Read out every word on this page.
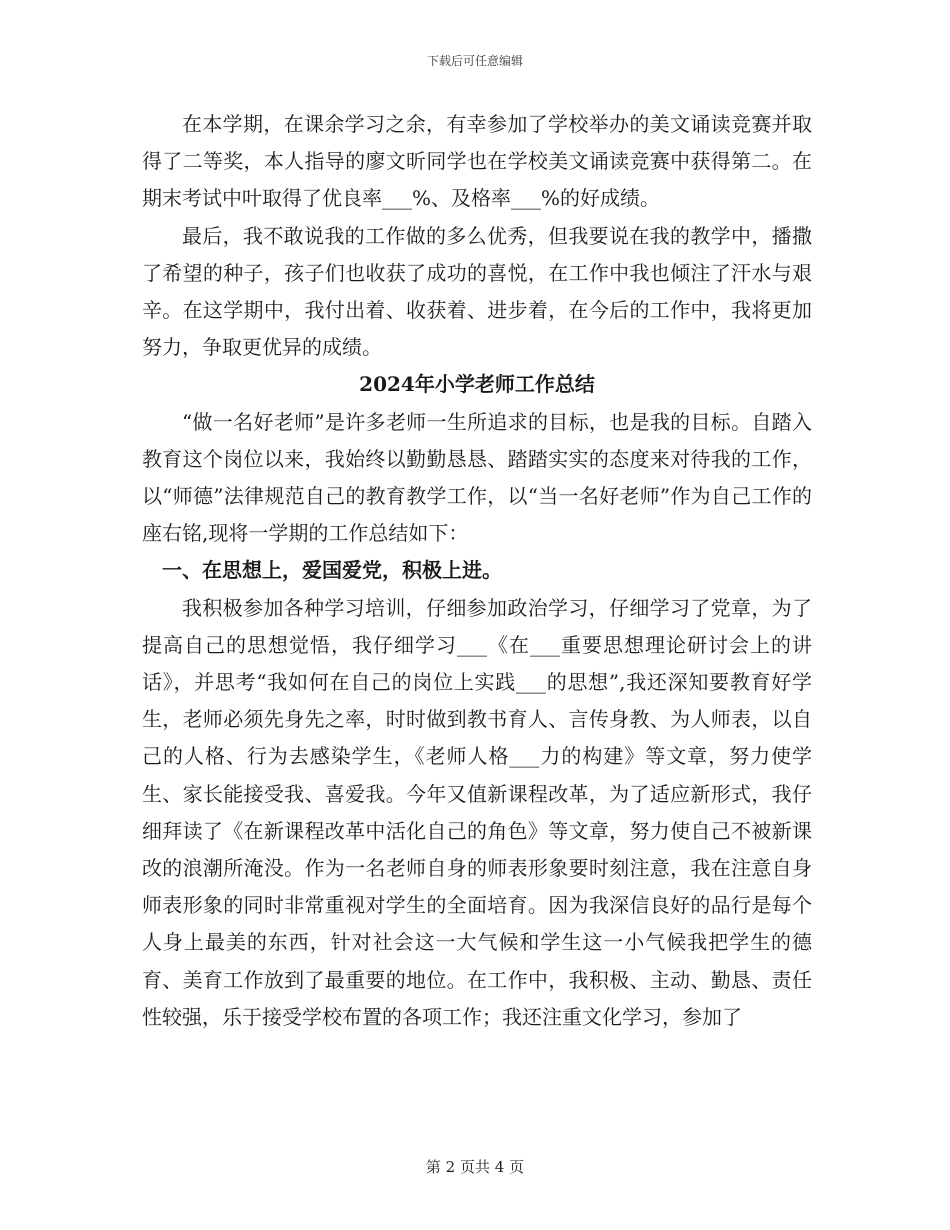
下载后可任意编辑

在本学期，在课余学习之余，有幸参加了学校举办的美文诵读竞赛并取得了二等奖，本人指导的廖文昕同学也在学校美文诵读竞赛中获得第二。在期末考试中叶取得了优良率___%、及格率___%的好成绩。

最后，我不敢说我的工作做的多么优秀，但我要说在我的教学中，播撒了希望的种子，孩子们也收获了成功的喜悦，在工作中我也倾注了汗水与艰辛。在这学期中，我付出着、收获着、进步着，在今后的工作中，我将更加努力，争取更优异的成绩。

2024年小学老师工作总结

“做一名好老师”是许多老师一生所追求的目标，也是我的目标。自踏入教育这个岗位以来，我始终以勤勤恳恳、踏踏实实的态度来对待我的工作，以“师德”法律规范自己的教育教学工作，以“当一名好老师”作为自己工作的座右铭,现将一学期的工作总结如下：

一、在思想上，爱国爱党，积极上进。

我积极参加各种学习培训，仔细参加政治学习，仔细学习了党章，为了提高自己的思想觉悟，我仔细学习___《在___重要思想理论研讨会上的讲话》，并思考“我如何在自己的岗位上实践___的思想”,我还深知要教育好学生，老师必须先身先之率，时时做到教书育人、言传身教、为人师表，以自己的人格、行为去感染学生，《老师人格___力的构建》等文章，努力使学生、家长能接受我、喜爱我。今年又值新课程改革，为了适应新形式，我仔细拜读了《在新课程改革中活化自己的角色》等文章，努力使自己不被新课改的浪潮所淹没。作为一名老师自身的师表形象要时刻注意，我在注意自身师表形象的同时非常重视对学生的全面培育。因为我深信良好的品行是每个人身上最美的东西，针对社会这一大气候和学生这一小气候我把学生的德育、美育工作放到了最重要的地位。在工作中，我积极、主动、勤恳、责任性较强，乐于接受学校布置的各项工作；我还注重文化学习，参加了

第 2 页共 4 页
